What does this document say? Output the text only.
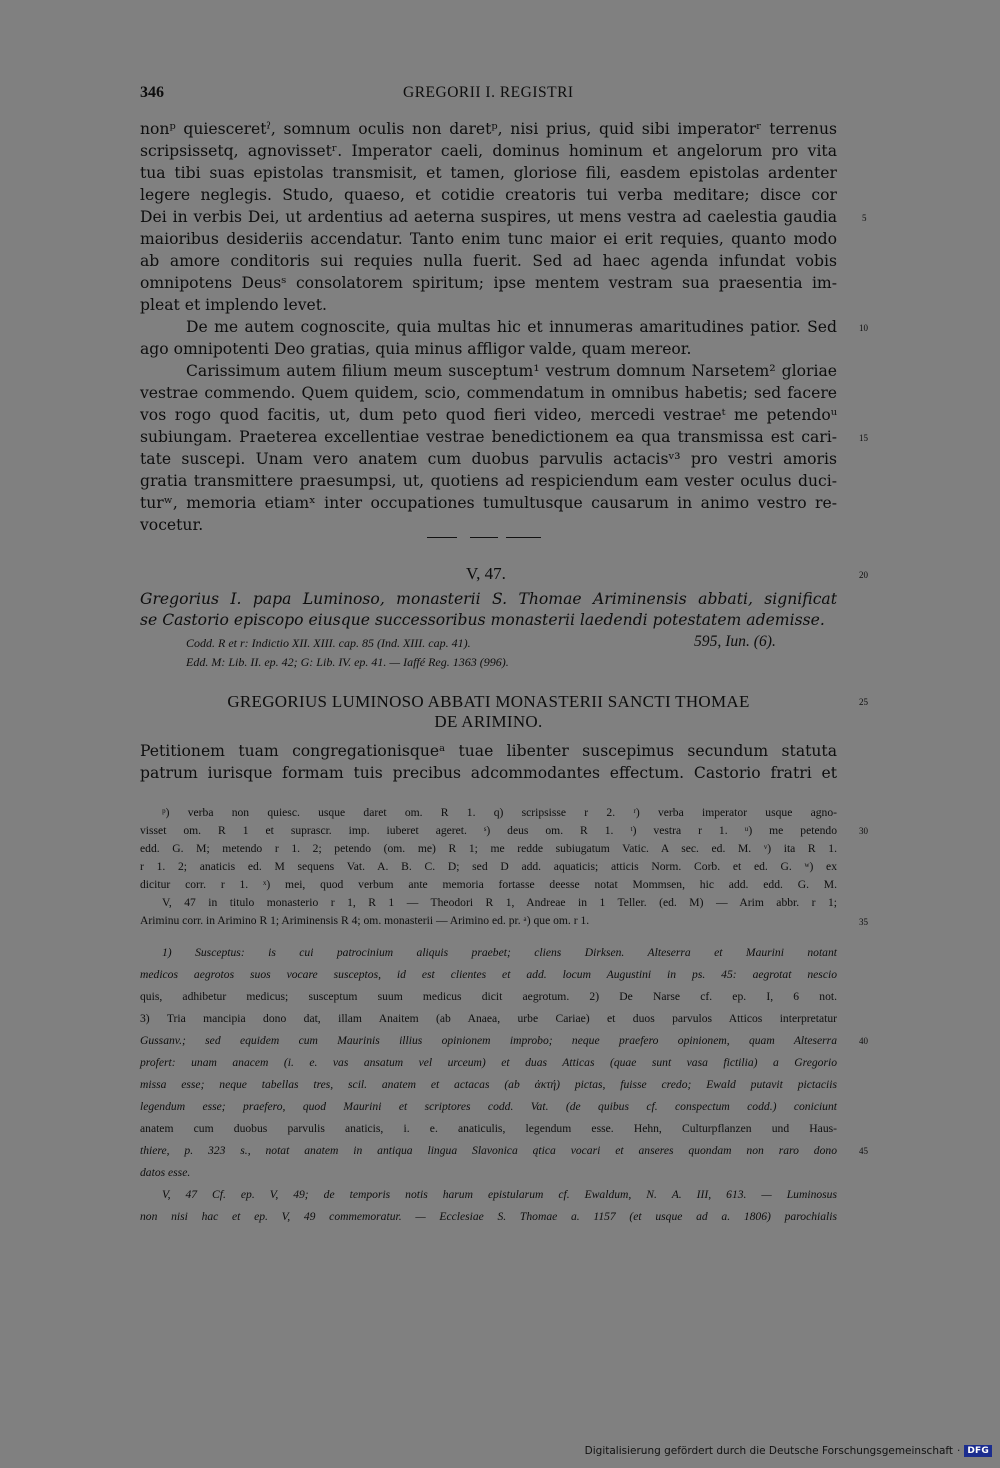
346	GREGORII I. REGISTRI
nonᵖ quiesceretˀ, somnum oculis non daretᵖ, nisi prius, quid sibi imperatorʳ terrenus
scripsissetq, agnovissetʳ. Imperator caeli, dominus hominum et angelorum pro vita
tua tibi suas epistolas transmisit, et tamen, gloriose fili, easdem epistolas ardenter
legere neglegis. Studo, quaeso, et cotidie creatoris tui verba meditare; disce cor
Dei in verbis Dei, ut ardentius ad aeterna suspires, ut mens vestra ad caelestia gaudia
maioribus desideriis accendatur. Tanto enim tunc maior ei erit requies, quanto modo
ab amore conditoris sui requies nulla fuerit. Sed ad haec agenda infundat vobis
omnipotens Deusˢ consolatorem spiritum; ipse mentem vestram sua praesentia im-
pleat et implendo levet.
De me autem cognoscite, quia multas hic et innumeras amaritudines patior. Sed
ago omnipotenti Deo gratias, quia minus affligor valde, quam mereor.
Carissimum autem filium meum susceptum¹ vestrum domnum Narsetem² gloriae
vestrae commendo. Quem quidem, scio, commendatum in omnibus habetis; sed facere
vos rogo quod facitis, ut, dum peto quod fieri video, mercedi vestraeᵗ me petendoᵘ
subiungam. Praeterea excellentiae vestrae benedictionem ea qua transmissa est cari-
tate suscepi. Unam vero anatem cum duobus parvulis actacisᵛ³ pro vestri amoris
gratia transmittere praesumpsi, ut, quotiens ad respiciendum eam vester oculus duci-
turʷ, memoria etiamˣ inter occupationes tumultusque causarum in animo vestro re-
vocetur.
5
10
15
20
25
30
35
40
45
V, 47.
Gregorius I. papa Luminoso, monasterii S. Thomae Ariminensis abbati, significat
se Castorio episcopo eiusque successoribus monasterii laedendi potestatem ademisse.
Codd. R et r: Indictio XII. XIII. cap. 85 (Ind. XIII. cap. 41).	595, Iun. (6).
Edd. M: Lib. II. ep. 42; G: Lib. IV. ep. 41. — Iaffé Reg. 1363 (996).
GREGORIUS LUMINOSO ABBATI MONASTERII SANCTI THOMAE
DE ARIMINO.
Petitionem tuam congregationisqueᵃ tuae libenter suscepimus secundum statuta
patrum iurisque formam tuis precibus adcommodantes effectum. Castorio fratri et
ᵖ) verba non quiesc. usque daret om. R 1. q) scripsisse r 2. ʳ) verba imperator usque agno-
visset om. R 1 et suprascr. imp. iuberet ageret. ˢ) deus om. R 1. ᵗ) vestra r 1. ᵘ) me petendo
edd. G. M; metendo r 1. 2; petendo (om. me) R 1; me redde subiugatum Vatic. A sec. ed. M. ᵛ) ita R 1.
r 1. 2; anaticis ed. M sequens Vat. A. B. C. D; sed D add. aquaticis; atticis Norm. Corb. et ed. G. ʷ) ex
dicitur corr. r 1. ˣ) mei, quod verbum ante memoria fortasse deesse notat Mommsen, hic add. edd. G. M.
V, 47 in titulo monasterio r 1, R 1 — Theodori R 1, Andreae in 1 Teller. (ed. M) — Arim abbr. r 1;
Ariminu corr. in Arimino R 1; Ariminensis R 4; om. monasterii — Arimino ed. pr. ᵃ) que om. r 1.
1) Susceptus: is cui patrocinium aliquis praebet; cliens Dirksen. Alteserra et Maurini notant
medicos aegrotos suos vocare susceptos, id est clientes et add. locum Augustini in ps. 45: aegrotat nescio
quis, adhibetur medicus; susceptum suum medicus dicit aegrotum. 2) De Narse cf. ep. I, 6 not.
3) Tria mancipia dono dat, illam Anaitem (ab Anaea, urbe Cariae) et duos parvulos Atticos interpretatur
Gussanv.; sed equidem cum Maurinis illius opinionem improbo; neque praefero opinionem, quam Alteserra
profert: unam anacem (i. e. vas ansatum vel urceum) et duas Atticas (quae sunt vasa fictilia) a Gregorio
missa esse; neque tabellas tres, scil. anatem et actacas (ab ἀκτή) pictas, fuisse credo; Ewald putavit pictaciis
legendum esse; praefero, quod Maurini et scriptores codd. Vat. (de quibus cf. conspectum codd.) coniciunt
anatem cum duobus parvulis anaticis, i. e. anaticulis, legendum esse. Hehn, Culturpflanzen und Haus-
thiere, p. 323 s., notat anatem in antiqua lingua Slavonica ątica vocari et anseres quondam non raro dono
datos esse.
V, 47 Cf. ep. V, 49; de temporis notis harum epistularum cf. Ewaldum, N. A. III, 613. — Luminosus
non nisi hac et ep. V, 49 commemoratur. — Ecclesiae S. Thomae a. 1157 (et usque ad a. 1806) parochialis
Digitalisierung gefördert durch die Deutsche Forschungsgemeinschaft · DFG
